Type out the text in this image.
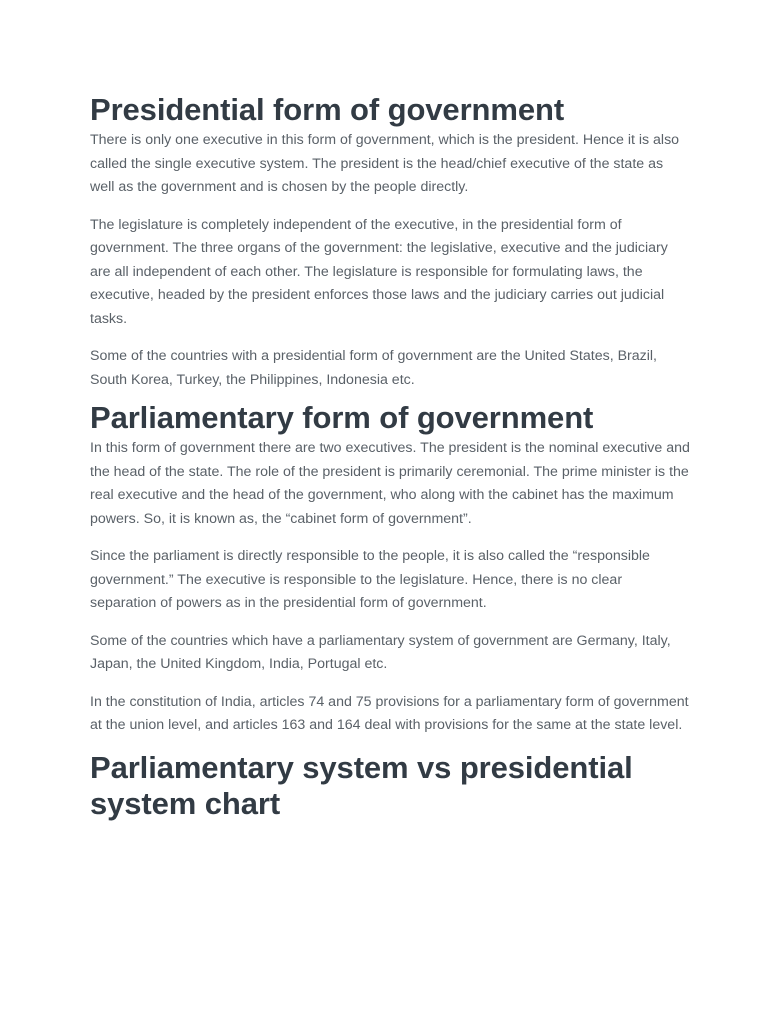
Presidential form of government

There is only one executive in this form of government, which is the president. Hence it is also called the single executive system. The president is the head/chief executive of the state as well as the government and is chosen by the people directly.

The legislature is completely independent of the executive, in the presidential form of government. The three organs of the government: the legislative, executive and the judiciary are all independent of each other. The legislature is responsible for formulating laws, the executive, headed by the president enforces those laws and the judiciary carries out judicial tasks.

Some of the countries with a presidential form of government are the United States, Brazil, South Korea, Turkey, the Philippines, Indonesia etc.

Parliamentary form of government

In this form of government there are two executives. The president is the nominal executive and the head of the state. The role of the president is primarily ceremonial. The prime minister is the real executive and the head of the government, who along with the cabinet has the maximum powers. So, it is known as, the “cabinet form of government”.

Since the parliament is directly responsible to the people, it is also called the “responsible government.” The executive is responsible to the legislature. Hence, there is no clear separation of powers as in the presidential form of government.

Some of the countries which have a parliamentary system of government are Germany, Italy, Japan, the United Kingdom, India, Portugal etc.

In the constitution of India, articles 74 and 75 provisions for a parliamentary form of government at the union level, and articles 163 and 164 deal with provisions for the same at the state level.

Parliamentary system vs presidential system chart
